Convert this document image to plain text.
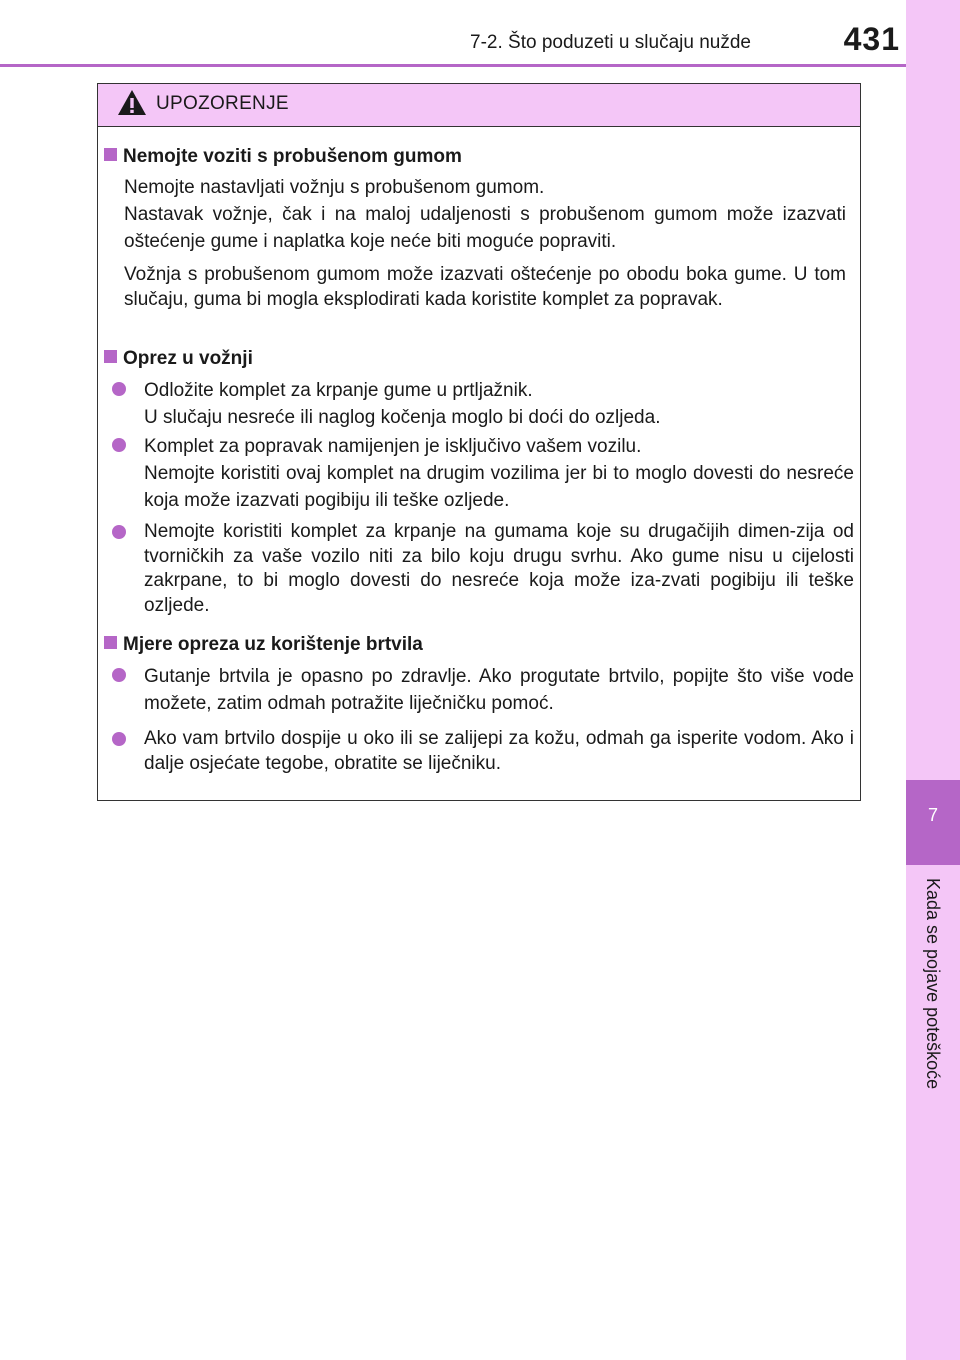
7-2. Što poduzeti u slučaju nužde	431
7
Kada se pojave poteškoće
UPOZORENJE
Nemojte voziti s probušenom gumom
Nemojte nastavljati vožnju s probušenom gumom.
Nastavak vožnje, čak i na maloj udaljenosti s probušenom gumom može izazvati oštećenje gume i naplatka koje neće biti moguće popraviti.
Vožnja s probušenom gumom može izazvati oštećenje po obodu boka gume. U tom slučaju, guma bi mogla eksplodirati kada koristite komplet za popravak.
Oprez u vožnji
Odložite komplet za krpanje gume u prtljažnik.
U slučaju nesreće ili naglog kočenja moglo bi doći do ozljeda.
Komplet za popravak namijenjen je isključivo vašem vozilu.
Nemojte koristiti ovaj komplet na drugim vozilima jer bi to moglo dovesti do nesreće koja može izazvati pogibiju ili teške ozljede.
Nemojte koristiti komplet za krpanje na gumama koje su drugačijih dimen-zija od tvorničkih za vaše vozilo niti za bilo koju drugu svrhu. Ako gume nisu u cijelosti zakrpane, to bi moglo dovesti do nesreće koja može iza-zvati pogibiju ili teške ozljede.
Mjere opreza uz korištenje brtvila
Gutanje brtvila je opasno po zdravlje. Ako progutate brtvilo, popijte što više vode možete, zatim odmah potražite liječničku pomoć.
Ako vam brtvilo dospije u oko ili se zalijepi za kožu, odmah ga isperite vodom. Ako i dalje osjećate tegobe, obratite se liječniku.
